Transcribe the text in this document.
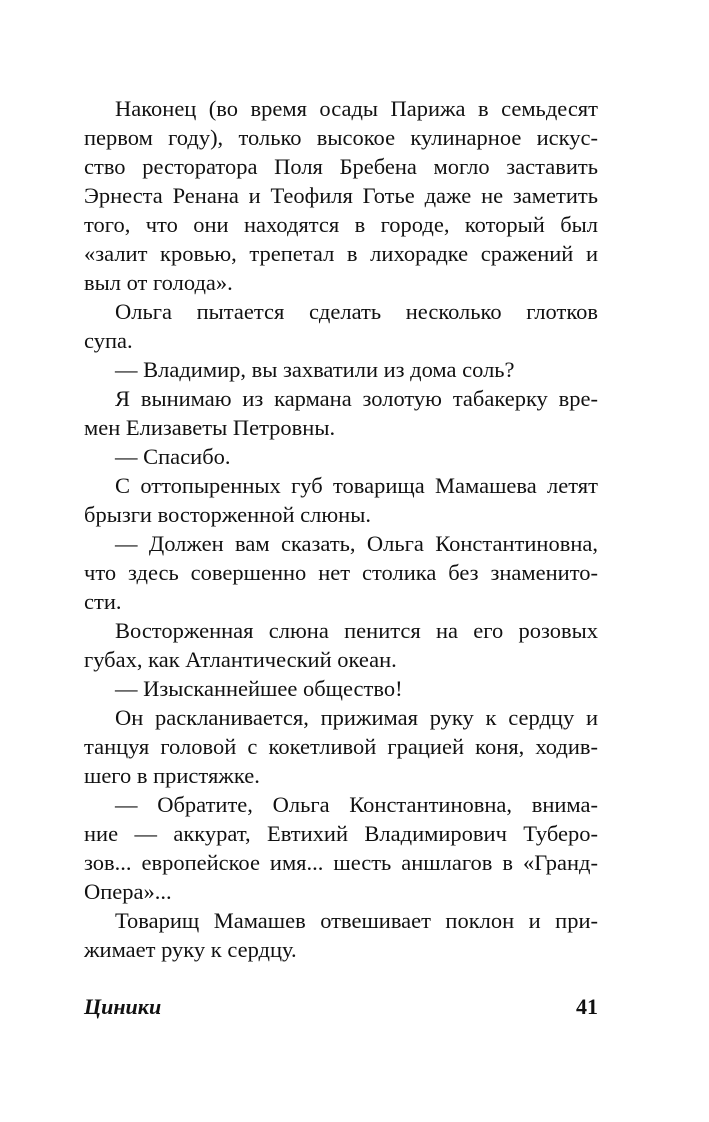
Наконец (во время осады Парижа в семьдесят
первом году), только высокое кулинарное искус-
ство ресторатора Поля Бребена могло заставить
Эрнеста Ренана и Теофиля Готье даже не заметить
того, что они находятся в городе, который был
«залит кровью, трепетал в лихорадке сражений и
выл от голода».

Ольга пытается сделать несколько глотков
супа.

— Владимир, вы захватили из дома соль?

Я вынимаю из кармана золотую табакерку вре-
мен Елизаветы Петровны.

— Спасибо.

С оттопыренных губ товарища Мамашева летят
брызги восторженной слюны.

— Должен вам сказать, Ольга Константиновна,
что здесь совершенно нет столика без знаменито-
сти.

Восторженная слюна пенится на его розовых
губах, как Атлантический океан.

— Изысканнейшее общество!

Он раскланивается, прижимая руку к сердцу и
танцуя головой с кокетливой грацией коня, ходив-
шего в пристяжке.

— Обратите, Ольга Константиновна, внима-
ние — аккурат, Евтихий Владимирович Туберо-
зов... европейское имя... шесть аншлагов в «Гранд-
Опера»...

Товарищ Мамашев отвешивает поклон и при-
жимает руку к сердцу.

Циники	41
